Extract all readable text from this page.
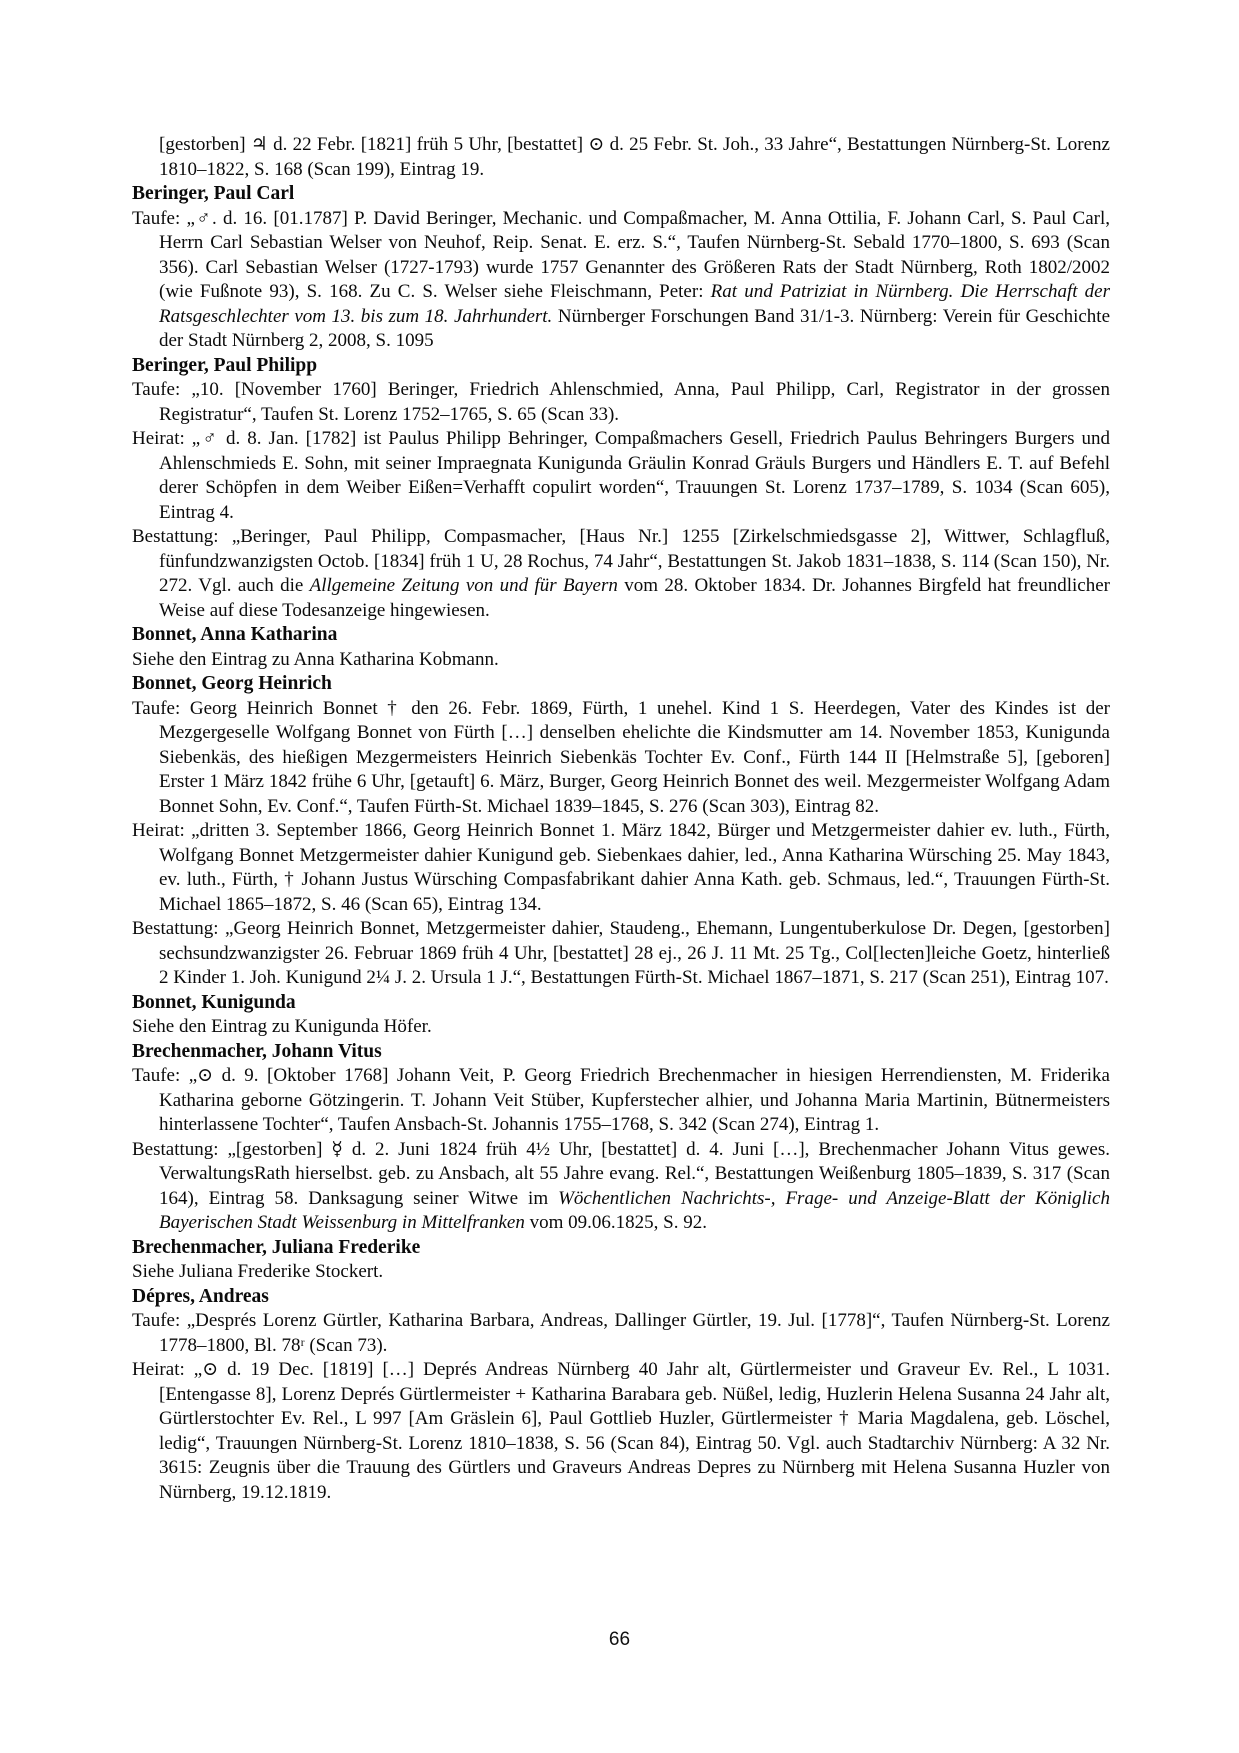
[gestorben] ♃ d. 22 Febr. [1821] früh 5 Uhr, [bestattet] ⊙ d. 25 Febr. St. Joh., 33 Jahre“, Bestattungen Nürnberg-St. Lorenz 1810–1822, S. 168 (Scan 199), Eintrag 19.
Beringer, Paul Carl
Taufe: „♂. d. 16. [01.1787] P. David Beringer, Mechanic. und Compaßmacher, M. Anna Ottilia, F. Johann Carl, S. Paul Carl, Herrn Carl Sebastian Welser von Neuhof, Reip. Senat. E. erz. S.“, Taufen Nürnberg-St. Sebald 1770–1800, S. 693 (Scan 356). Carl Sebastian Welser (1727-1793) wurde 1757 Genannter des Größeren Rats der Stadt Nürnberg, Roth 1802/2002 (wie Fußnote 93), S. 168. Zu C. S. Welser siehe Fleischmann, Peter: Rat und Patriziat in Nürnberg. Die Herrschaft der Ratsgeschlechter vom 13. bis zum 18. Jahrhundert. Nürnberger Forschungen Band 31/1-3. Nürnberg: Verein für Geschichte der Stadt Nürnberg 2, 2008, S. 1095
Beringer, Paul Philipp
Taufe: „10. [November 1760] Beringer, Friedrich Ahlenschmied, Anna, Paul Philipp, Carl, Registrator in der grossen Registratur“, Taufen St. Lorenz 1752–1765, S. 65 (Scan 33).
Heirat: „♂ d. 8. Jan. [1782] ist Paulus Philipp Behringer, Compaßmachers Gesell, Friedrich Paulus Behringers Burgers und Ahlenschmieds E. Sohn, mit seiner Impraegnata Kunigunda Gräulin Konrad Gräuls Burgers und Händlers E. T. auf Befehl derer Schöpfen in dem Weiber Eißen=Verhafft copulirt worden“, Trauungen St. Lorenz 1737–1789, S. 1034 (Scan 605), Eintrag 4.
Bestattung: „Beringer, Paul Philipp, Compasmacher, [Haus Nr.] 1255 [Zirkelschmiedsgasse 2], Wittwer, Schlagfluß, fünfundzwanzigsten Octob. [1834] früh 1 U, 28 Rochus, 74 Jahr“, Bestattungen St. Jakob 1831–1838, S. 114 (Scan 150), Nr. 272. Vgl. auch die Allgemeine Zeitung von und für Bayern vom 28. Oktober 1834. Dr. Johannes Birgfeld hat freundlicher Weise auf diese Todesanzeige hingewiesen.
Bonnet, Anna Katharina
Siehe den Eintrag zu Anna Katharina Kobmann.
Bonnet, Georg Heinrich
Taufe: Georg Heinrich Bonnet † den 26. Febr. 1869, Fürth, 1 unehel. Kind 1 S. Heerdegen, Vater des Kindes ist der Mezgergeselle Wolfgang Bonnet von Fürth […] denselben ehelichte die Kindsmutter am 14. November 1853, Kunigunda Siebenkäs, des hießigen Mezgermeisters Heinrich Siebenkäs Tochter Ev. Conf., Fürth 144 II [Helmstraße 5], [geboren] Erster 1 März 1842 frühe 6 Uhr, [getauft] 6. März, Burger, Georg Heinrich Bonnet des weil. Mezgermeister Wolfgang Adam Bonnet Sohn, Ev. Conf.“, Taufen Fürth-St. Michael 1839–1845, S. 276 (Scan 303), Eintrag 82.
Heirat: „dritten 3. September 1866, Georg Heinrich Bonnet 1. März 1842, Bürger und Metzgermeister dahier ev. luth., Fürth, Wolfgang Bonnet Metzgermeister dahier Kunigund geb. Siebenkaes dahier, led., Anna Katharina Würsching 25. May 1843, ev. luth., Fürth, † Johann Justus Würsching Compasfabrikant dahier Anna Kath. geb. Schmaus, led.“, Trauungen Fürth-St. Michael 1865–1872, S. 46 (Scan 65), Eintrag 134.
Bestattung: „Georg Heinrich Bonnet, Metzgermeister dahier, Staudeng., Ehemann, Lungentuberkulose Dr. Degen, [gestorben] sechsundzwanzigster 26. Februar 1869 früh 4 Uhr, [bestattet] 28 ej., 26 J. 11 Mt. 25 Tg., Col[lecten]leiche Goetz, hinterließ 2 Kinder 1. Joh. Kunigund 2¼ J. 2. Ursula 1 J.“, Bestattungen Fürth-St. Michael 1867–1871, S. 217 (Scan 251), Eintrag 107.
Bonnet, Kunigunda
Siehe den Eintrag zu Kunigunda Höfer.
Brechenmacher, Johann Vitus
Taufe: „⊙ d. 9. [Oktober 1768] Johann Veit, P. Georg Friedrich Brechenmacher in hiesigen Herrendiensten, M. Friderika Katharina geborne Götzingerin. T. Johann Veit Stüber, Kupferstecher alhier, und Johanna Maria Martinin, Bütnermeisters hinterlassene Tochter“, Taufen Ansbach-St. Johannis 1755–1768, S. 342 (Scan 274), Eintrag 1.
Bestattung: „[gestorben] ☿ d. 2. Juni 1824 früh 4½ Uhr, [bestattet] d. 4. Juni […], Brechenmacher Johann Vitus gewes. VerwaltungsRath hierselbst. geb. zu Ansbach, alt 55 Jahre evang. Rel.“, Bestattungen Weißenburg 1805–1839, S. 317 (Scan 164), Eintrag 58. Danksagung seiner Witwe im Wöchentlichen Nachrichts-, Frage- und Anzeige-Blatt der Königlich Bayerischen Stadt Weissenburg in Mittelfranken vom 09.06.1825, S. 92.
Brechenmacher, Juliana Frederike
Siehe Juliana Frederike Stockert.
Dépres, Andreas
Taufe: „Després Lorenz Gürtler, Katharina Barbara, Andreas, Dallinger Gürtler, 19. Jul. [1778]“, Taufen Nürnberg-St. Lorenz 1778–1800, Bl. 78ʳ (Scan 73).
Heirat: „⊙ d. 19 Dec. [1819] […] Deprés Andreas Nürnberg 40 Jahr alt, Gürtlermeister und Graveur Ev. Rel., L 1031. [Entengasse 8], Lorenz Deprés Gürtlermeister + Katharina Barabara geb. Nüßel, ledig, Huzlerin Helena Susanna 24 Jahr alt, Gürtlerstochter Ev. Rel., L 997 [Am Gräslein 6], Paul Gottlieb Huzler, Gürtlermeister † Maria Magdalena, geb. Löschel, ledig“, Trauungen Nürnberg-St. Lorenz 1810–1838, S. 56 (Scan 84), Eintrag 50. Vgl. auch Stadtarchiv Nürnberg: A 32 Nr. 3615: Zeugnis über die Trauung des Gürtlers und Graveurs Andreas Depres zu Nürnberg mit Helena Susanna Huzler von Nürnberg, 19.12.1819.
66
